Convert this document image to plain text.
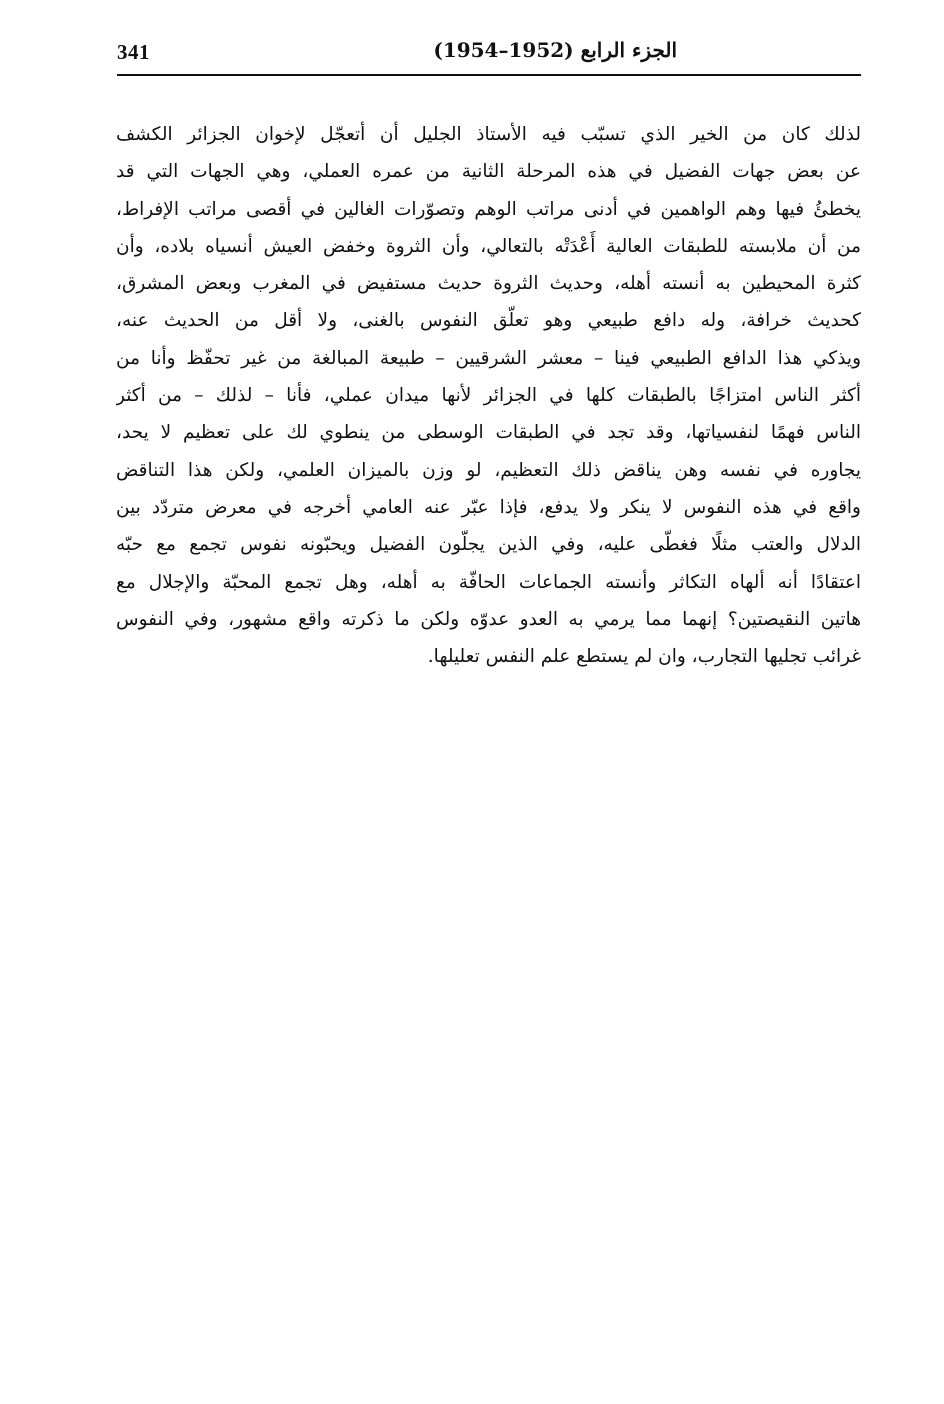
341	الجزء الرابع (1952–1954)
لذلك كان من الخير الذي تسبّب فيه الأستاذ الجليل أن أتعجّل لإخوان الجزائر الكشف
عن بعض جهات الفضيل في هذه المرحلة الثانية من عمره العملي، وهي الجهات التي قد
يخطئُ فيها وهم الواهمين في أدنى مراتب الوهم وتصوّرات الغالين في أقصى مراتب الإفراط،
من أن ملابسته للطبقات العالية أَعْدَتْه بالتعالي، وأن الثروة وخفض العيش أنسياه بلاده، وأن
كثرة المحيطين به أنسته أهله، وحديث الثروة حديث مستفيض في المغرب وبعض المشرق،
كحديث خرافة، وله دافع طبيعي وهو تعلّق النفوس بالغنى، ولا أقل من الحديث عنه،
ويذكي هذا الدافع الطبيعي فينا – معشر الشرقيين – طبيعة المبالغة من غير تحفّظ وأنا من
أكثر الناس امتزاجًا بالطبقات كلها في الجزائر لأنها ميدان عملي، فأنا – لذلك – من أكثر
الناس فهمًا لنفسياتها، وقد تجد في الطبقات الوسطى من ينطوي لك على تعظيم لا يحد،
يجاوره في نفسه وهن يناقض ذلك التعظيم، لو وزن بالميزان العلمي، ولكن هذا التناقض
واقع في هذه النفوس لا ينكر ولا يدفع، فإذا عبّر عنه العامي أخرجه في معرض متردّد بين
الدلال والعتب مثلًا فغطّى عليه، وفي الذين يجلّون الفضيل ويحبّونه نفوس تجمع مع حبّه
اعتقادًا أنه ألهاه التكاثر وأنسته الجماعات الحافّة به أهله، وهل تجمع المحبّة والإجلال مع
هاتين النقيصتين؟ إنهما مما يرمي به العدو عدوّه ولكن ما ذكرته واقع مشهور، وفي النفوس
غرائب تجليها التجارب، وان لم يستطع علم النفس تعليلها.
